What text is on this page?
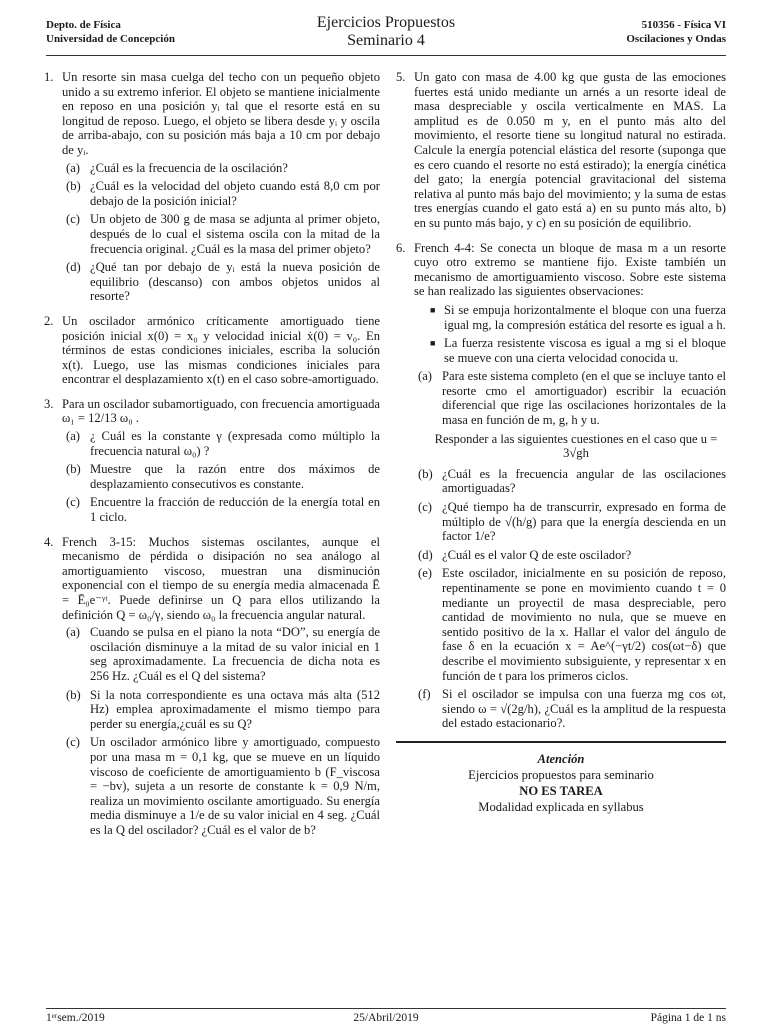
Depto. de Física
Universidad de Concepción
Ejercicios Propuestos
Seminario 4
510356 - Física VI
Oscilaciones y Ondas
1. Un resorte sin masa cuelga del techo con un pequeño objeto unido a su extremo inferior. El objeto se mantiene inicialmente en reposo en una posición yᵢ tal que el resorte está en su longitud de reposo. Luego, el objeto se libera desde yᵢ y oscila de arriba-abajo, con su posición más baja a 10 cm por debajo de yᵢ.
(a) ¿Cuál es la frecuencia de la oscilación?
(b) ¿Cuál es la velocidad del objeto cuando está 8,0 cm por debajo de la posición inicial?
(c) Un objeto de 300 g de masa se adjunta al primer objeto, después de lo cual el sistema oscila con la mitad de la frecuencia original. ¿Cuál es la masa del primer objeto?
(d) ¿Qué tan por debajo de yᵢ está la nueva posición de equilibrio (descanso) con ambos objetos unidos al resorte?
2. Un oscilador armónico críticamente amortiguado tiene posición inicial x(0) = x₀ y velocidad inicial ẋ(0) = v₀. En términos de estas condiciones iniciales, escriba la solución x(t). Luego, use las mismas condiciones iniciales para encontrar el desplazamiento x(t) en el caso sobre-amortiguado.
3. Para un oscilador subamortiguado, con frecuencia amortiguada ω₁ = 12/13 ω₀ .
(a) ¿ Cuál es la constante γ (expresada como múltiplo la frecuencia natural ω₀) ?
(b) Muestre que la razón entre dos máximos de desplazamiento consecutivos es constante.
(c) Encuentre la fracción de reducción de la energía total en 1 ciclo.
4. French 3-15: Muchos sistemas oscilantes, aunque el mecanismo de pérdida o disipación no sea análogo al amortiguamiento viscoso, muestran una disminución exponencial con el tiempo de su energía media almacenada Ē = Ē₀e⁻ᵞᵗ. Puede definirse un Q para ellos utilizando la definición Q = ω₀/γ, siendo ω₀ la frecuencia angular natural.
(a) Cuando se pulsa en el piano la nota “DO”, su energía de oscilación disminuye a la mitad de su valor inicial en 1 seg aproximadamente. La frecuencia de dicha nota es 256 Hz. ¿Cuál es el Q del sistema?
(b) Si la nota correspondiente es una octava más alta (512 Hz) emplea aproximadamente el mismo tiempo para perder su energía,¿cuál es su Q?
(c) Un oscilador armónico libre y amortiguado, compuesto por una masa m = 0,1 kg, que se mueve en un líquido viscoso de coeficiente de amortiguamiento b (F_viscosa = −bv), sujeta a un resorte de constante k = 0,9 N/m, realiza un movimiento oscilante amortiguado. Su energía media disminuye a 1/e de su valor inicial en 4 seg. ¿Cuál es la Q del oscilador? ¿Cuál es el valor de b?
5. Un gato con masa de 4.00 kg que gusta de las emociones fuertes está unido mediante un arnés a un resorte ideal de masa despreciable y oscila verticalmente en MAS. La amplitud es de 0.050 m y, en el punto más alto del movimiento, el resorte tiene su longitud natural no estirada. Calcule la energía potencial elástica del resorte (suponga que es cero cuando el resorte no está estirado); la energía cinética del gato; la energía potencial gravitacional del sistema relativa al punto más bajo del movimiento; y la suma de estas tres energías cuando el gato está a) en su punto más alto, b) en su punto más bajo, y c) en su posición de equilibrio.
6. French 4-4: Se conecta un bloque de masa m a un resorte cuyo otro extremo se mantiene fijo. Existe también un mecanismo de amortiguamiento viscoso. Sobre este sistema se han realizado las siguientes observaciones:
■ Si se empuja horizontalmente el bloque con una fuerza igual mg, la compresión estática del resorte es igual a h.
■ La fuerza resistente viscosa es igual a mg si el bloque se mueve con una cierta velocidad conocida u.
(a) Para este sistema completo (en el que se incluye tanto el resorte cmo el amortiguador) escribir la ecuación diferencial que rige las oscilaciones horizontales de la masa en función de m, g, h y u.
Responder a las siguientes cuestiones en el caso que u = 3√gh
(b) ¿Cuál es la frecuencia angular de las oscilaciones amortiguadas?
(c) ¿Qué tiempo ha de transcurrir, expresado en forma de múltiplo de √(h/g) para que la energía descienda en un factor 1/e?
(d) ¿Cuál es el valor Q de este oscilador?
(e) Este oscilador, inicialmente en su posición de reposo, repentinamente se pone en movimiento cuando t = 0 mediante un proyectil de masa despreciable, pero cantidad de movimiento no nula, que se mueve en sentido positivo de la x. Hallar el valor del ángulo de fase δ en la ecuación x = Ae^(−γt/2) cos(ωt−δ) que describe el movimiento subsiguiente, y representar x en función de t para los primeros ciclos.
(f) Si el oscilador se impulsa con una fuerza mg cos ωt, siendo ω = √(2g/h), ¿Cuál es la amplitud de la respuesta del estado estacionario?.
Atención
Ejercicios propuestos para seminario
NO ES TAREA
Modalidad explicada en syllabus
1ᵉʳsem./2019	25/Abril/2019	Página 1 de 1 ns
